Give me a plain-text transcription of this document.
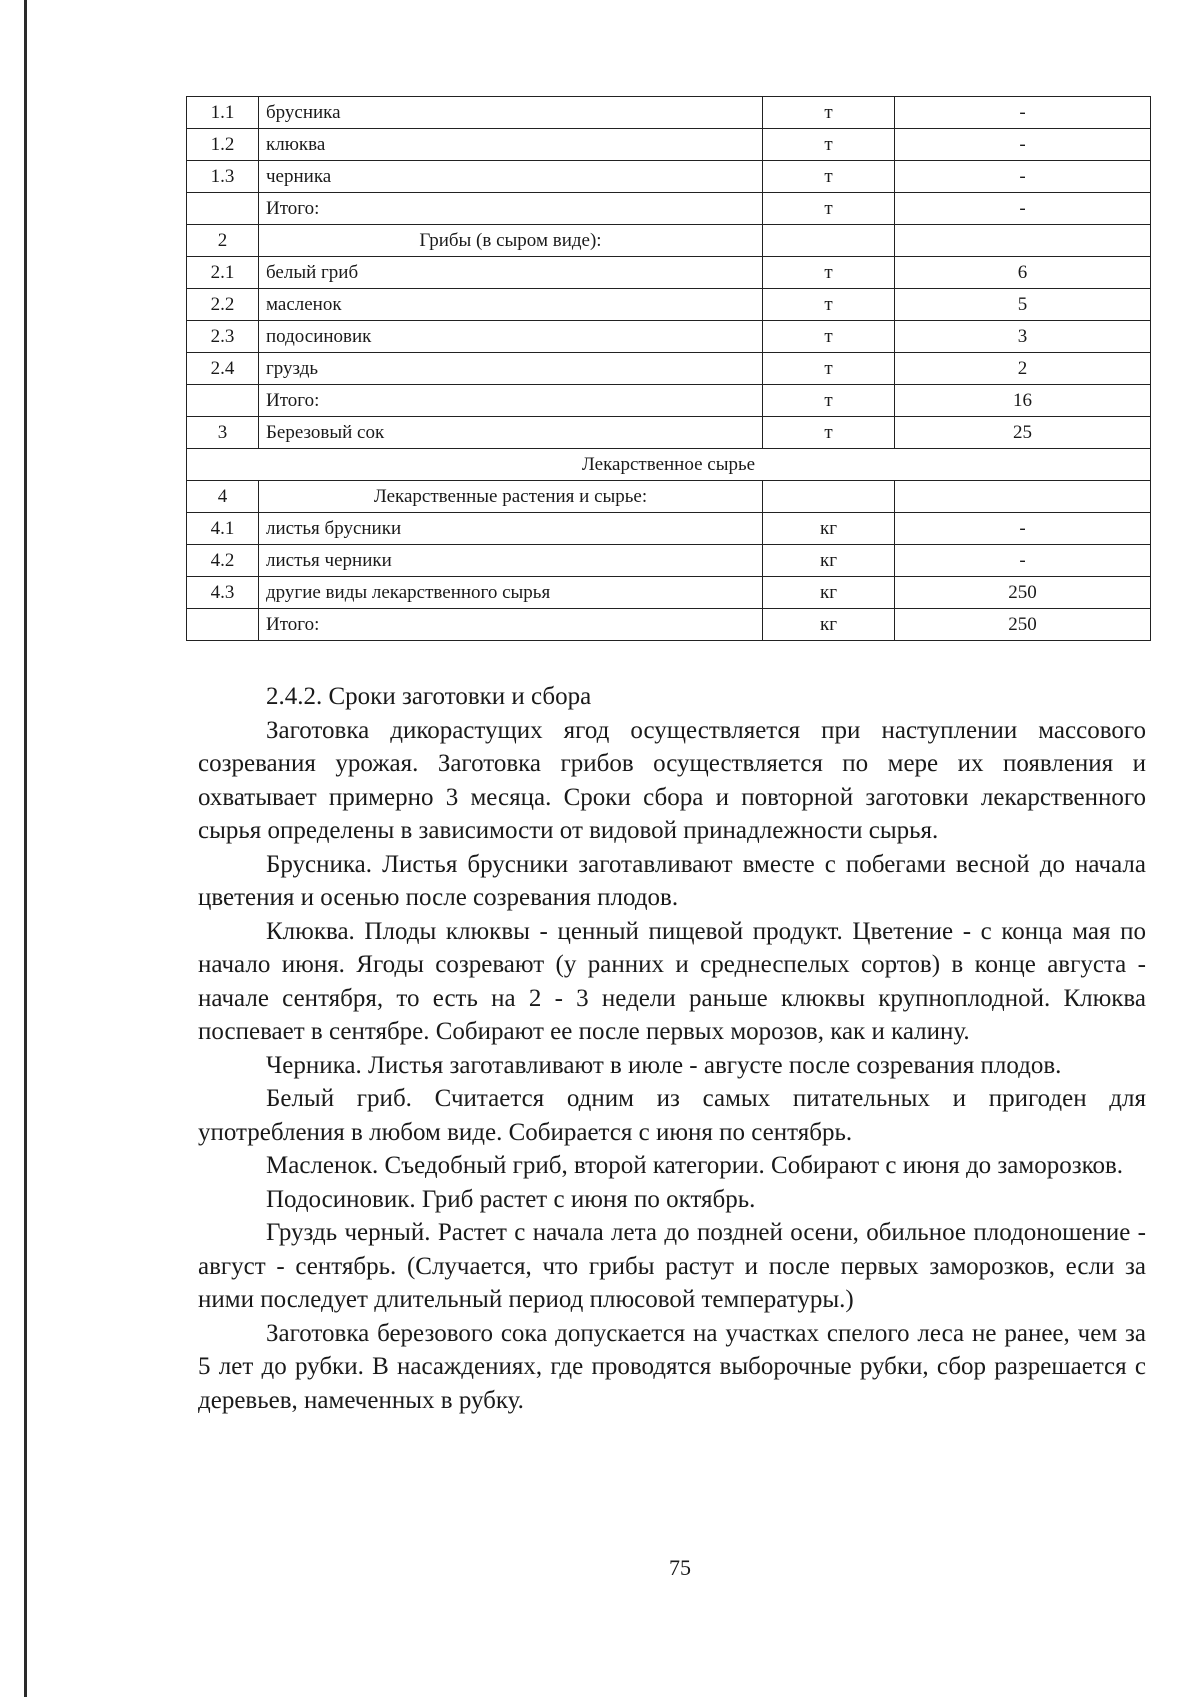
1.1	брусника	т	-
1.2	клюква	т	-
1.3	черника	т	-
	Итого:	т	-
2	Грибы (в сыром виде):		
2.1	белый гриб	т	6
2.2	масленок	т	5
2.3	подосиновик	т	3
2.4	груздь	т	2
	Итого:	т	16
3	Березовый сок	т	25
Лекарственное сырье			
4	Лекарственные растения и сырье:		
4.1	листья брусники	кг	-
4.2	листья черники	кг	-
4.3	другие виды лекарственного сырья	кг	250
	Итого:	кг	250

2.4.2. Сроки заготовки и сбора

Заготовка дикорастущих ягод осуществляется при наступлении массового созревания урожая. Заготовка грибов осуществляется по мере их появления и охватывает примерно 3 месяца. Сроки сбора и повторной заготовки лекарственного сырья определены в зависимости от видовой принадлежности сырья.

Брусника. Листья брусники заготавливают вместе с побегами весной до начала цветения и осенью после созревания плодов.

Клюква. Плоды клюквы - ценный пищевой продукт. Цветение - с конца мая по начало июня. Ягоды созревают (у ранних и среднеспелых сортов) в конце августа - начале сентября, то есть на 2 - 3 недели раньше клюквы крупноплодной. Клюква поспевает в сентябре. Собирают ее после первых морозов, как и калину.

Черника. Листья заготавливают в июле - августе после созревания плодов.

Белый гриб. Считается одним из самых питательных и пригоден для употребления в любом виде. Собирается с июня по сентябрь.

Масленок. Съедобный гриб, второй категории. Собирают с июня до заморозков.

Подосиновик. Гриб растет с июня по октябрь.

Груздь черный. Растет с начала лета до поздней осени, обильное плодоношение - август - сентябрь. (Случается, что грибы растут и после первых заморозков, если за ними последует длительный период плюсовой температуры.)

Заготовка березового сока допускается на участках спелого леса не ранее, чем за 5 лет до рубки. В насаждениях, где проводятся выборочные рубки, сбор разрешается с деревьев, намеченных в рубку.

75
